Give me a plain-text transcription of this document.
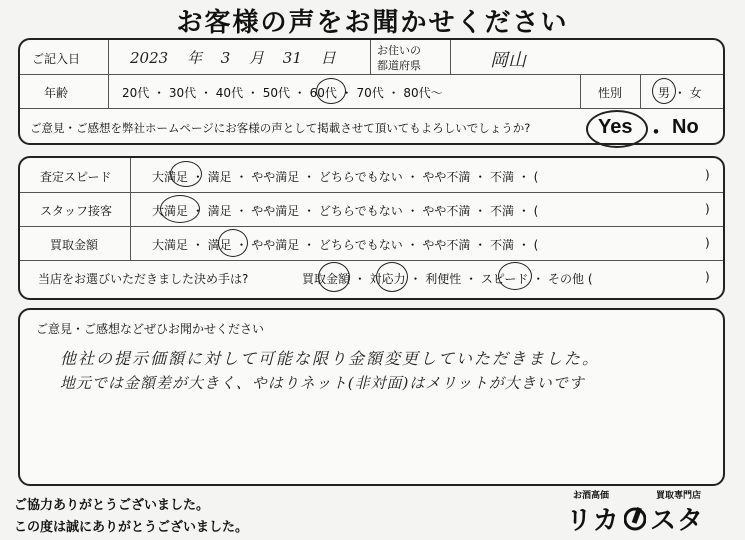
お客様の声をお聞かせください
ご記入日	2023 年 3 月 31 日	お住いの
都道府県	岡山
年齢	20代 ・ 30代 ・ 40代 ・ 50代 ・ 60代 ・ 70代 ・ 80代〜	性別	男 ・ 女
ご意見・ご感想を弊社ホームページにお客様の声として掲載させて頂いてもよろしいでしょうか?	Yes ・ No
査定スピード	大満足 ・ 満足 ・ やや満足 ・ どちらでもない ・ やや不満 ・ 不満 ・ (	)
スタッフ接客	大満足 ・ 満足 ・ やや満足 ・ どちらでもない ・ やや不満 ・ 不満 ・ (	)
買取金額	大満足 ・ 満足 ・ やや満足 ・ どちらでもない ・ やや不満 ・ 不満 ・ (	)
当店をお選びいただきました決め手は?	買取金額 ・ 対応力 ・ 利便性 ・ スピード ・ その他 (	)
ご意見・ご感想などぜひお聞かせください
他社の提示価額に対して可能な限り金額変更していただきました。
地元では金額差が大きく、やはりネット(非対面)はメリットが大きいです
ご協力ありがとうございました。
この度は誠にありがとうございました。
お酒高価	買取専門店
リカ スタ
